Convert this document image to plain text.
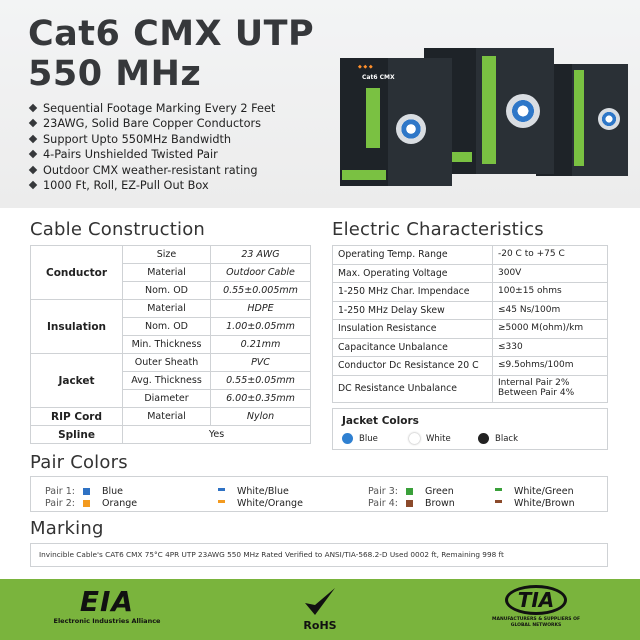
Cat6 CMX UTP
550 MHz
Sequential Footage Marking Every 2 Feet
23AWG, Solid Bare Copper Conductors
Support Upto 550MHz Bandwidth
4-Pairs Unshielded Twisted Pair
Outdoor CMX weather-resistant rating
1000 Ft, Roll, EZ-Pull Out Box
◆ ◆ ◆
Cat6 CMX
Cable Construction
Conductor	Size	23 AWG
	Material	Outdoor Cable
	Nom. OD	0.55±0.005mm
Insulation	Material	HDPE
	Nom. OD	1.00±0.05mm
	Min. Thickness	0.21mm
Jacket	Outer Sheath	PVC
	Avg. Thickness	0.55±0.05mm
	Diameter	6.00±0.35mm
RIP Cord	Material	Nylon
Spline	Yes	
Electric Characteristics
Operating Temp. Range	-20 C to +75 C
Max. Operating Voltage	300V
1-250 MHz Char. Impendace	100±15 ohms
1-250 MHz Delay Skew	≤45 Ns/100m
Insulation Resistance	≥5000 M(ohm)/km
Capacitance Unbalance	≤330
Conductor Dc Resistance 20 C	≤9.5ohms/100m
DC Resistance Unbalance	Internal Pair 2%
Between Pair 4%
Jacket Colors
Blue	White	Black
Pair Colors
Pair 1:	Blue	White/Blue
Pair 2:	Orange	White/Orange
Pair 3:	Green	White/Green
Pair 4:	Brown	White/Brown
Marking
Invincible Cable's CAT6 CMX 75°C 4PR UTP 23AWG 550 MHz Rated Verified to ANSI/TIA-568.2-D Used 0002 ft, Remaining 998 ft
EIA
Electronic Industries Alliance	RoHS
TIA
MANUFACTURERS & SUPPLIERS OF GLOBAL NETWORKS
